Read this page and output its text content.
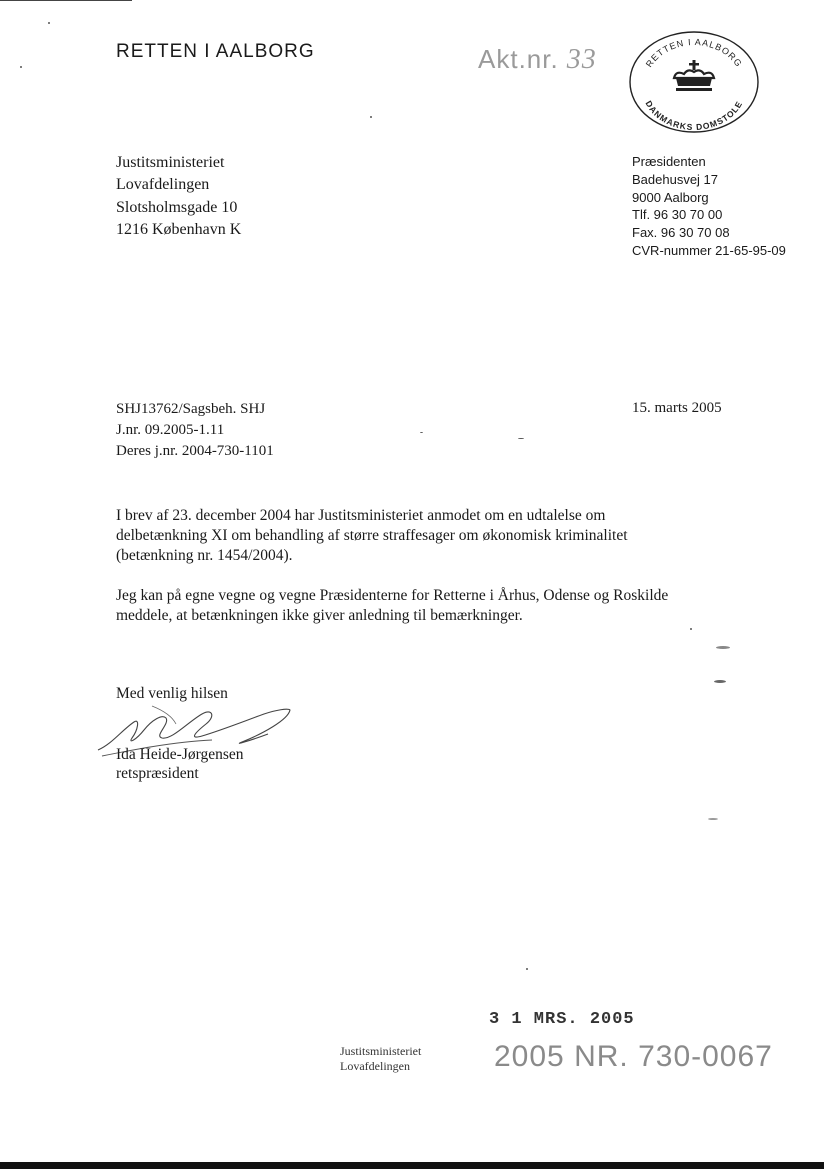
RETTEN I AALBORG	Akt.nr. 33	RETTEN I AALBORG
DANMARKS DOMSTOLE
Justitsministeriet
Lovafdelingen
Slotsholmsgade 10
1216 København K

Præsidenten
Badehusvej 17
9000 Aalborg
Tlf. 96 30 70 00
Fax. 96 30 70 08
CVR-nummer 21-65-95-09
SHJ13762/Sagsbeh. SHJ
J.nr. 09.2005-1.11
Deres j.nr. 2004-730-1101
15. marts 2005
I brev af 23. december 2004 har Justitsministeriet anmodet om en udtalelse om delbetænkning XI om behandling af større straffesager om økonomisk kriminalitet (betænkning nr. 1454/2004).
Jeg kan på egne vegne og vegne Præsidenterne for Retterne i Århus, Odense og Roskilde meddele, at betænkningen ikke giver anledning til bemærkninger.
Med venlig hilsen
Ida Heide-Jørgensen
retspræsident
3 1 MRS. 2005
Justitsministeriet
Lovafdelingen	2005 NR. 730-0067
